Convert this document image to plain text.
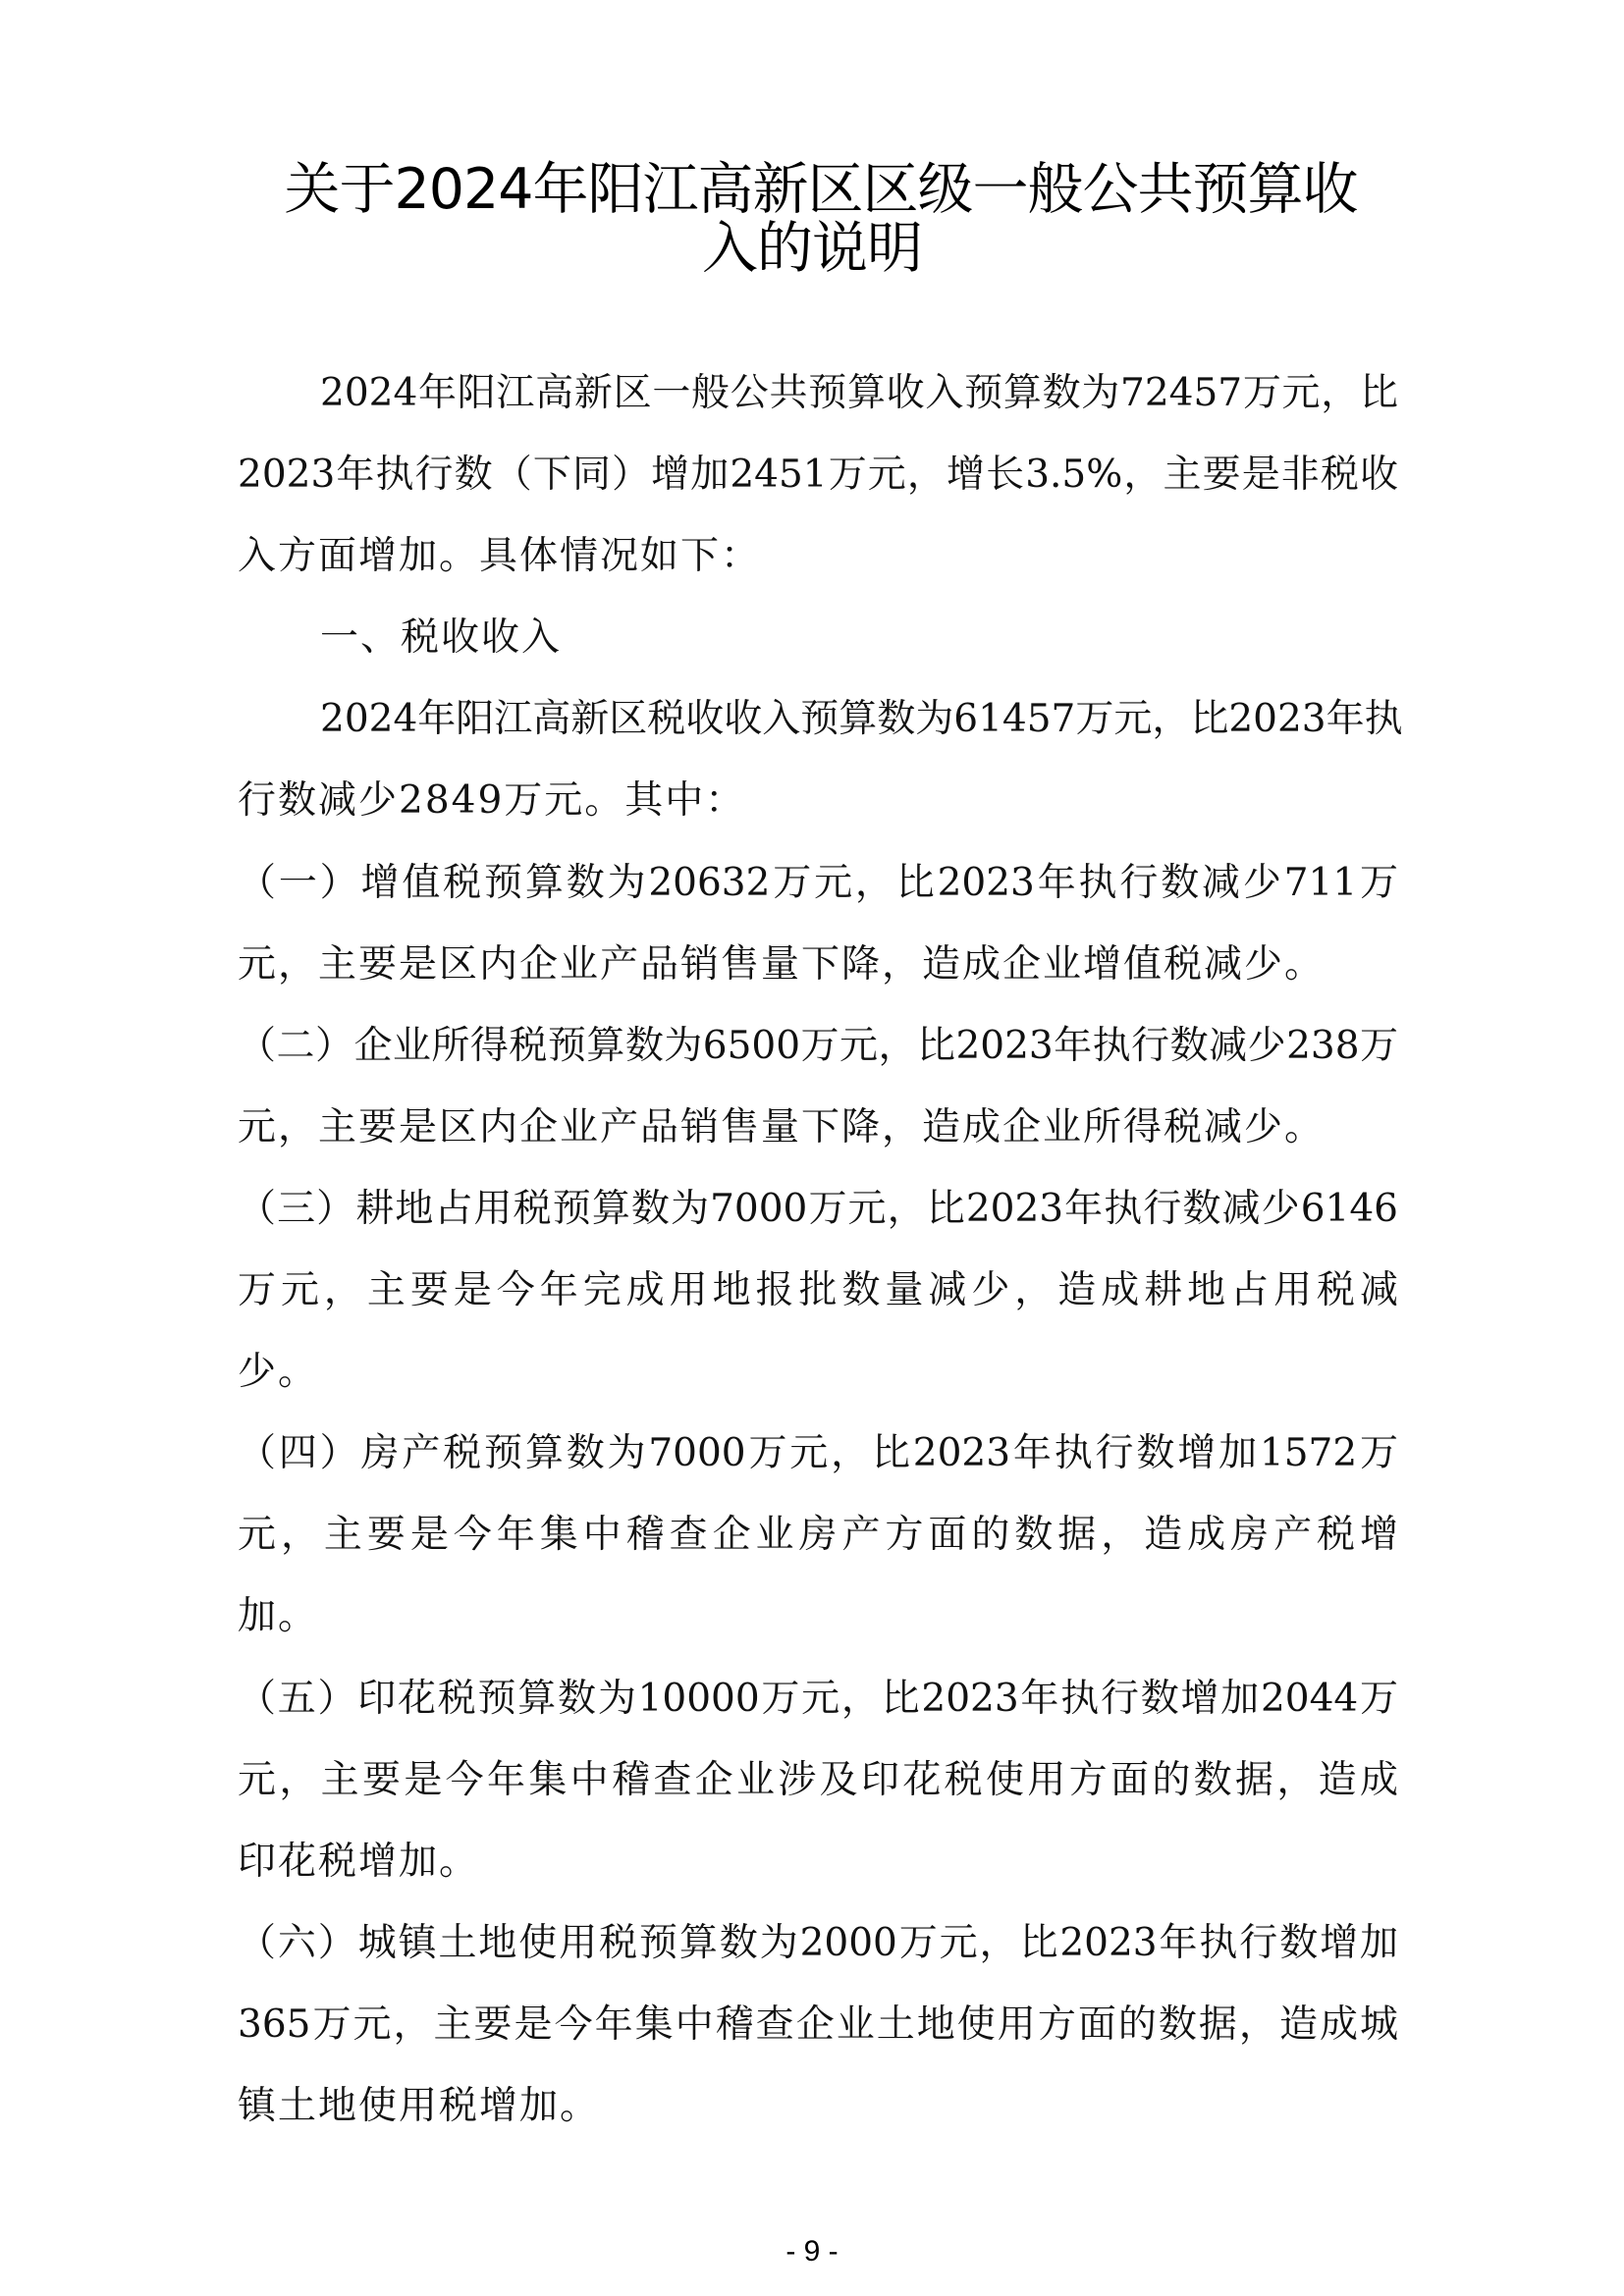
关于2024年阳江高新区区级一般公共预算收
入的说明
2024年阳江高新区一般公共预算收入预算数为72457万元，比
2023年执行数（下同）增加2451万元，增长3.5%，主要是非税收
入方面增加。具体情况如下：
一、税收收入
2024年阳江高新区税收收入预算数为61457万元，比2023年执
行数减少2849万元。其中：
（一）增值税预算数为20632万元，比2023年执行数减少711万
元，主要是区内企业产品销售量下降，造成企业增值税减少。
（二）企业所得税预算数为6500万元，比2023年执行数减少238万
元，主要是区内企业产品销售量下降，造成企业所得税减少。
（三）耕地占用税预算数为7000万元，比2023年执行数减少6146
万元，主要是今年完成用地报批数量减少，造成耕地占用税减
少。
（四）房产税预算数为7000万元，比2023年执行数增加1572万
元，主要是今年集中稽查企业房产方面的数据，造成房产税增
加。
（五）印花税预算数为10000万元，比2023年执行数增加2044万
元，主要是今年集中稽查企业涉及印花税使用方面的数据，造成
印花税增加。
（六）城镇土地使用税预算数为2000万元，比2023年执行数增加
365万元，主要是今年集中稽查企业土地使用方面的数据，造成城
镇土地使用税增加。
- 9 -
